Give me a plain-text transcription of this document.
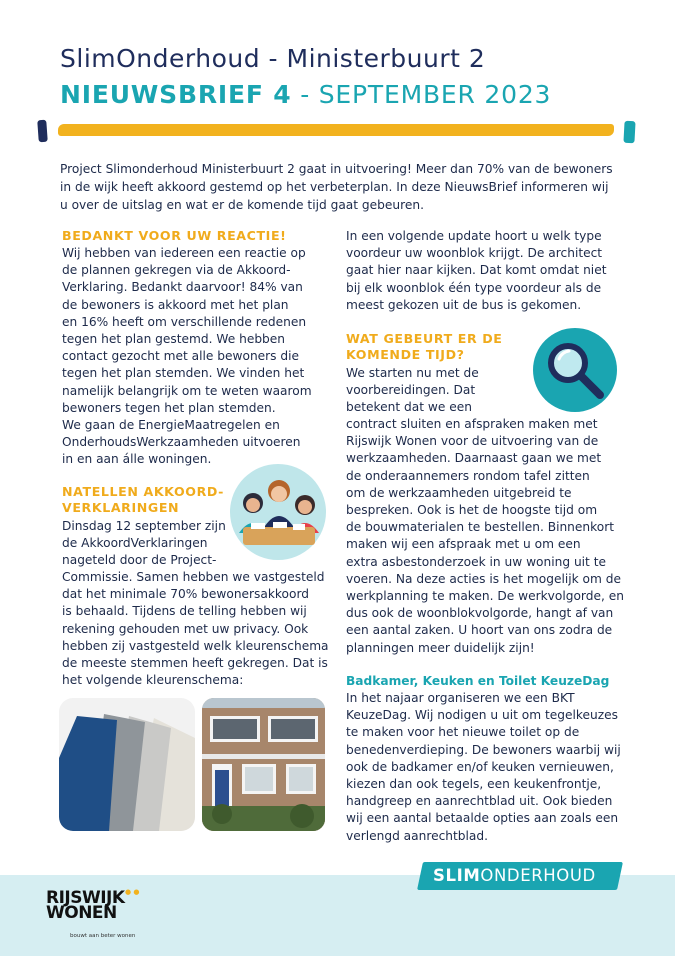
SlimOnderhoud - Ministerbuurt 2
NIEUWSBRIEF 4 - SEPTEMBER 2023
Project Slimonderhoud Ministerbuurt 2 gaat in uitvoering! Meer dan 70% van de bewoners in de wijk heeft akkoord gestemd op het verbeterplan. In deze NieuwsBrief informeren wij u over de uitslag en wat er de komende tijd gaat gebeuren.
BEDANKT VOOR UW REACTIE!
Wij hebben van iedereen een reactie op
de plannen gekregen via de Akkoord-
Verklaring. Bedankt daarvoor! 84% van
de bewoners is akkoord met het plan
en 16% heeft om verschillende redenen
tegen het plan gestemd. We hebben
contact gezocht met alle bewoners die
tegen het plan stemden. We vinden het
namelijk belangrijk om te weten waarom
bewoners tegen het plan stemden.
We gaan de EnergieMaatregelen en
OnderhoudsWerkzaamheden uitvoeren
in en aan álle woningen.
NATELLEN AKKOORD-
VERKLARINGEN
Dinsdag 12 september zijn
de AkkoordVerklaringen
nageteld door de Project-
Commissie. Samen hebben we vastgesteld
dat het minimale 70% bewonersakkoord
is behaald. Tijdens de telling hebben wij
rekening gehouden met uw privacy. Ook
hebben zij vastgesteld welk kleurenschema
de meeste stemmen heeft gekregen. Dat is
het volgende kleurenschema:
In een volgende update hoort u welk type
voordeur uw woonblok krijgt. De architect
gaat hier naar kijken. Dat komt omdat niet
bij elk woonblok één type voordeur als de
meest gekozen uit de bus is gekomen.
WAT GEBEURT ER DE
KOMENDE TIJD?
We starten nu met de
voorbereidingen. Dat
betekent dat we een
contract sluiten en afspraken maken met
Rijswijk Wonen voor de uitvoering van de
werkzaamheden. Daarnaast gaan we met
de onderaannemers rondom tafel zitten
om de werkzaamheden uitgebreid te
bespreken. Ook is het de hoogste tijd om
de bouwmaterialen te bestellen. Binnenkort
maken wij een afspraak met u om een
extra asbestonderzoek in uw woning uit te
voeren. Na deze acties is het mogelijk om de
werkplanning te maken. De werkvolgorde, en
dus ook de woonblokvolgorde, hangt af van
een aantal zaken. U hoort van ons zodra de
planningen meer duidelijk zijn!
Badkamer, Keuken en Toilet KeuzeDag
In het najaar organiseren we een BKT
KeuzeDag. Wij nodigen u uit om tegelkeuzes
te maken voor het nieuwe toilet op de
benedenverdieping. De bewoners waarbij wij
ook de badkamer en/of keuken vernieuwen,
kiezen dan ook tegels, een keukenfrontje,
handgreep en aanrechtblad uit. Ook bieden
wij een aantal betaalde opties aan zoals een
verlengd aanrechtblad.
SLIMONDERHOUD
RIJSWIJK
WONEN
● ●
bouwt aan beter wonen
